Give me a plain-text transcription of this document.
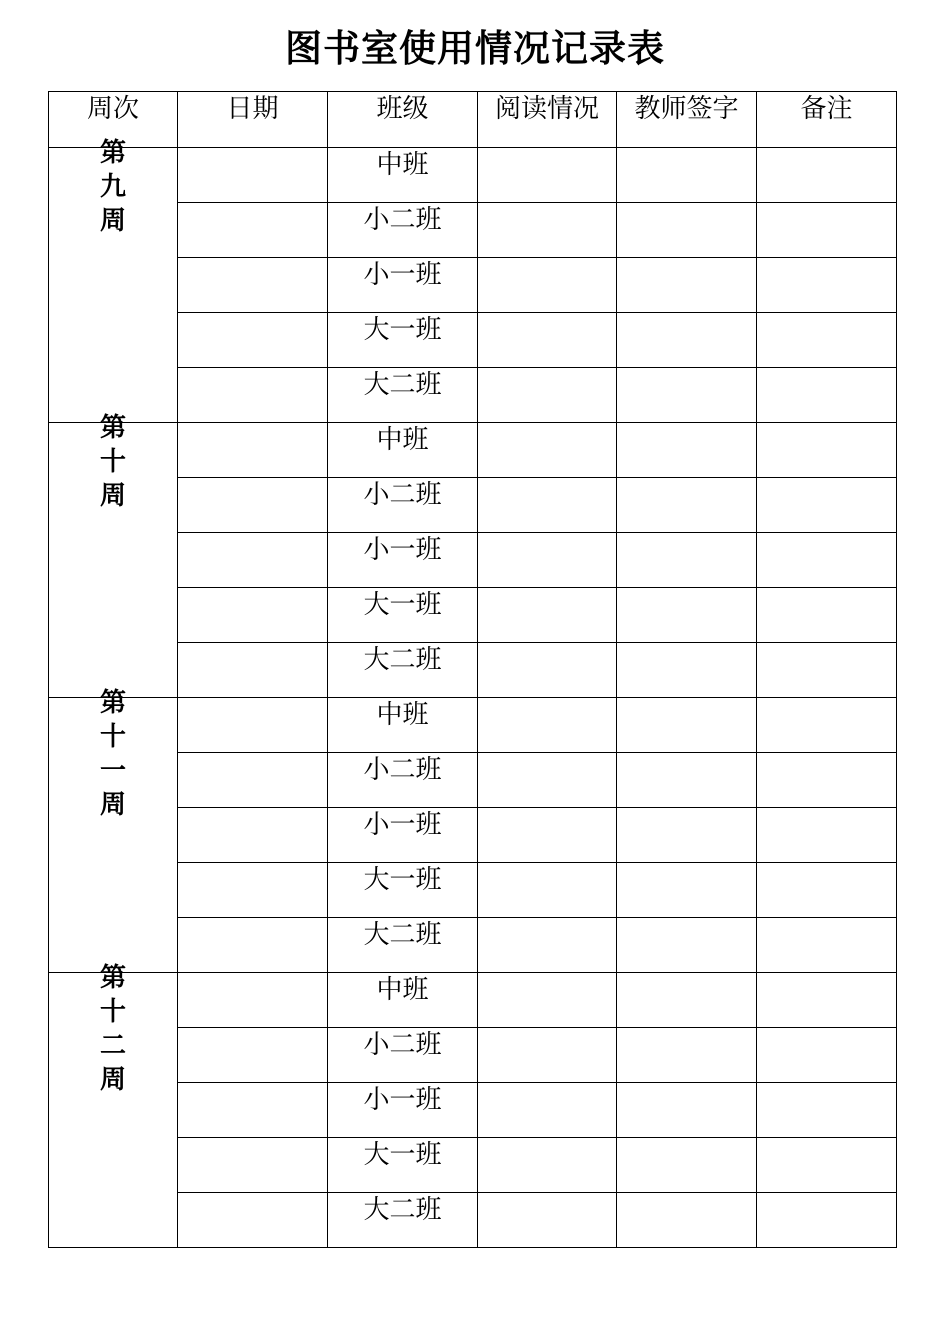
图书室使用情况记录表
周次	日期	班级	阅读情况	教师签字	备注

第九周		中班			
		小二班			
		小一班			
		大一班			
		大二班			

第十周		中班			
		小二班			
		小一班			
		大一班			
		大二班			

第十一周		中班			
		小二班			
		小一班			
		大一班			
		大二班			

第十二周		中班			
		小二班			
		小一班			
		大一班			
		大二班			
